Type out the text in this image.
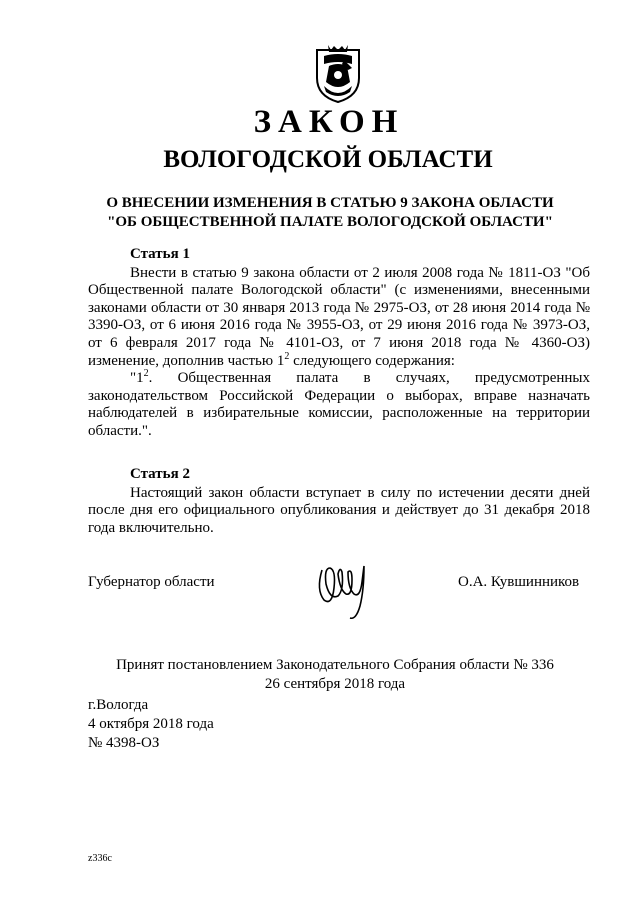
ЗАКОН
ВОЛОГОДСКОЙ ОБЛАСТИ
О ВНЕСЕНИИ ИЗМЕНЕНИЯ В СТАТЬЮ 9 ЗАКОНА ОБЛАСТИ
"ОБ ОБЩЕСТВЕННОЙ ПАЛАТЕ ВОЛОГОДСКОЙ ОБЛАСТИ"
Статья 1

Внести в статью 9 закона области от 2 июля 2008 года № 1811-ОЗ "Об Общественной палате Вологодской области" (с изменениями, внесенными законами области от 30 января 2013 года № 2975-ОЗ, от 28 июня 2014 года № 3390-ОЗ, от 6 июня 2016 года № 3955-ОЗ, от 29 июня 2016 года № 3973-ОЗ, от 6 февраля 2017 года № 4101-ОЗ, от 7 июня 2018 года № 4360-ОЗ) изменение, дополнив частью $1^2$ следующего содержания:

"$1^2$. Общественная палата в случаях, предусмотренных законодательством Российской Федерации о выборах, вправе назначать наблюдателей в избирательные комиссии, расположенные на территории области.".

Статья 2

Настоящий закон области вступает в силу по истечении десяти дней после дня его официального опубликования и действует до 31 декабря 2018 года включительно.

Губернатор области	О.А. Кувшинников
Принят постановлением Законодательного Собрания области № 336
26 сентября 2018 года
г.Вологда
4 октября 2018 года
№ 4398-ОЗ
z336c
